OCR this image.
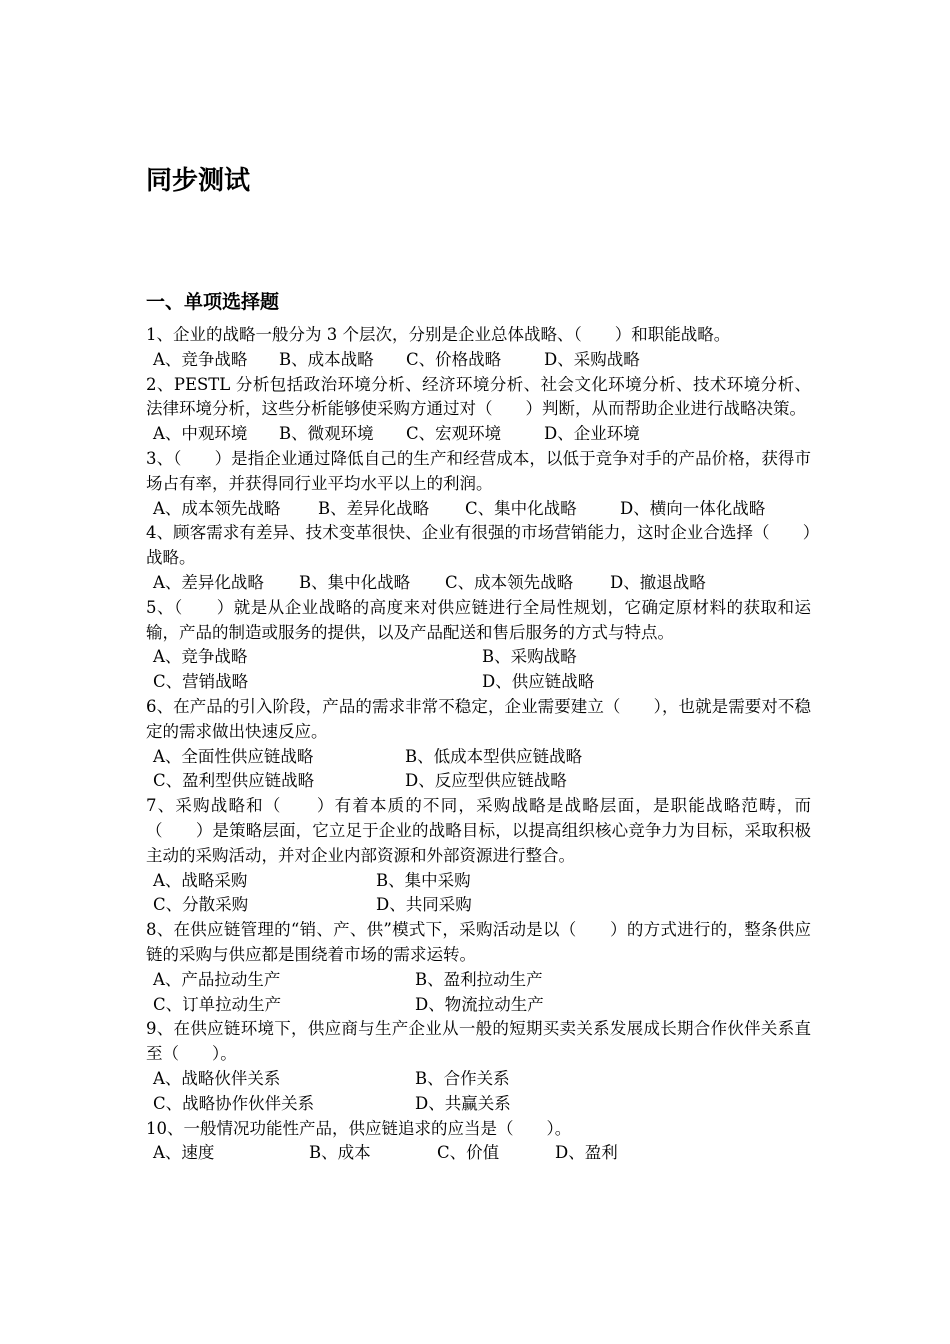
同步测试
一、单项选择题

1、企业的战略一般分为 3 个层次，分别是企业总体战略、（　　）和职能战略。

A、竞争战略 B、成本战略 C、价格战略	D、采购战略

2、PESTL 分析包括政治环境分析、经济环境分析、社会文化环境分析、技术环境分析、法律环境分析，这些分析能够使采购方通过对（　　）判断，从而帮助企业进行战略决策。

A、中观环境 B、微观环境 C、宏观环境	D、企业环境

3、（　　）是指企业通过降低自己的生产和经营成本，以低于竞争对手的产品价格，获得市场占有率，并获得同行业平均水平以上的利润。

A、成本领先战略 B、差异化战略 C、集中化战略	D、横向一体化战略

4、顾客需求有差异、技术变革很快、企业有很强的市场营销能力，这时企业合选择（　　）战略。

A、差异化战略 B、集中化战略 C、成本领先战略 D、撤退战略

5、（　　）就是从企业战略的高度来对供应链进行全局性规划，它确定原材料的获取和运输，产品的制造或服务的提供，以及产品配送和售后服务的方式与特点。

A、竞争战略	B、采购战略
C、营销战略	D、供应链战略

6、在产品的引入阶段，产品的需求非常不稳定，企业需要建立（　　），也就是需要对不稳定的需求做出快速反应。

A、全面性供应链战略	B、低成本型供应链战略
C、盈利型供应链战略	D、反应型供应链战略

7、采购战略和（　　）有着本质的不同，采购战略是战略层面，是职能战略范畴，而（　　）是策略层面，它立足于企业的战略目标，以提高组织核心竞争力为目标，采取积极主动的采购活动，并对企业内部资源和外部资源进行整合。

A、战略采购	B、集中采购
C、分散采购	D、共同采购

8、在供应链管理的“销、产、供”模式下，采购活动是以（　　）的方式进行的，整条供应链的采购与供应都是围绕着市场的需求运转。

A、产品拉动生产	B、盈利拉动生产
C、订单拉动生产	D、物流拉动生产

9、在供应链环境下，供应商与生产企业从一般的短期买卖关系发展成长期合作伙伴关系直至（　　）。

A、战略伙伴关系	B、合作关系
C、战略协作伙伴关系	D、共赢关系

10、一般情况功能性产品，供应链追求的应当是（　　）。

A、速度	B、成本	C、价值	D、盈利
